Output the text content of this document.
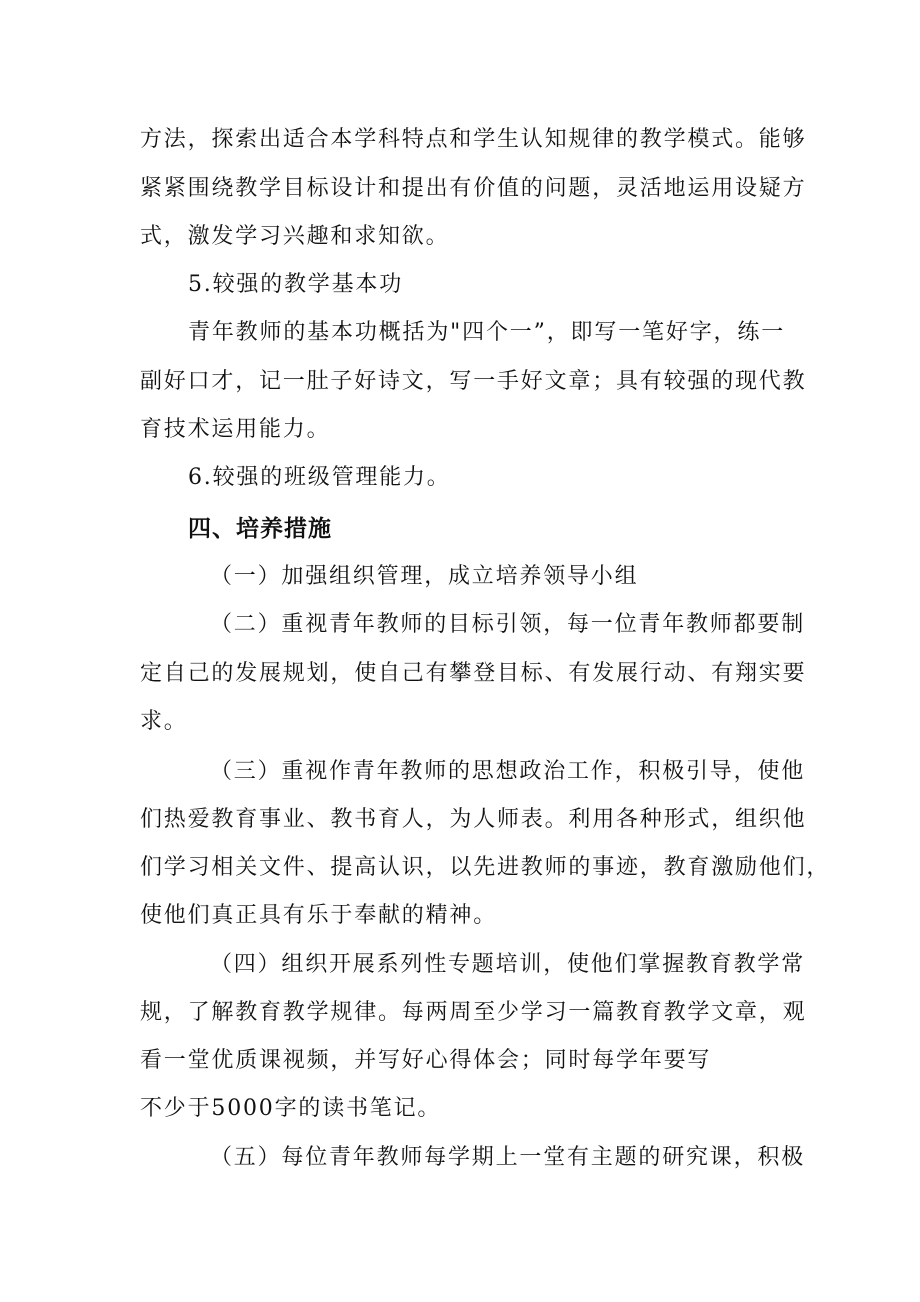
方法，探索出适合本学科特点和学生认知规律的教学模式。能够
紧紧围绕教学目标设计和提出有价值的问题，灵活地运用设疑方
式，激发学习兴趣和求知欲。
5.较强的教学基本功
青年教师的基本功概括为"四个一”，即写一笔好字，练一
副好口才，记一肚子好诗文，写一手好文章；具有较强的现代教
育技术运用能力。
6.较强的班级管理能力。
四、培养措施
（一）加强组织管理，成立培养领导小组
（二）重视青年教师的目标引领，每一位青年教师都要制
定自己的发展规划，使自己有攀登目标、有发展行动、有翔实要
求。
（三）重视作青年教师的思想政治工作，积极引导，使他
们热爱教育事业、教书育人，为人师表。利用各种形式，组织他
们学习相关文件、提高认识，以先进教师的事迹，教育激励他们，
使他们真正具有乐于奉献的精神。
（四）组织开展系列性专题培训，使他们掌握教育教学常
规，了解教育教学规律。每两周至少学习一篇教育教学文章，观
看一堂优质课视频，并写好心得体会；同时每学年要写
不少于5000字的读书笔记。
（五）每位青年教师每学期上一堂有主题的研究课，积极
